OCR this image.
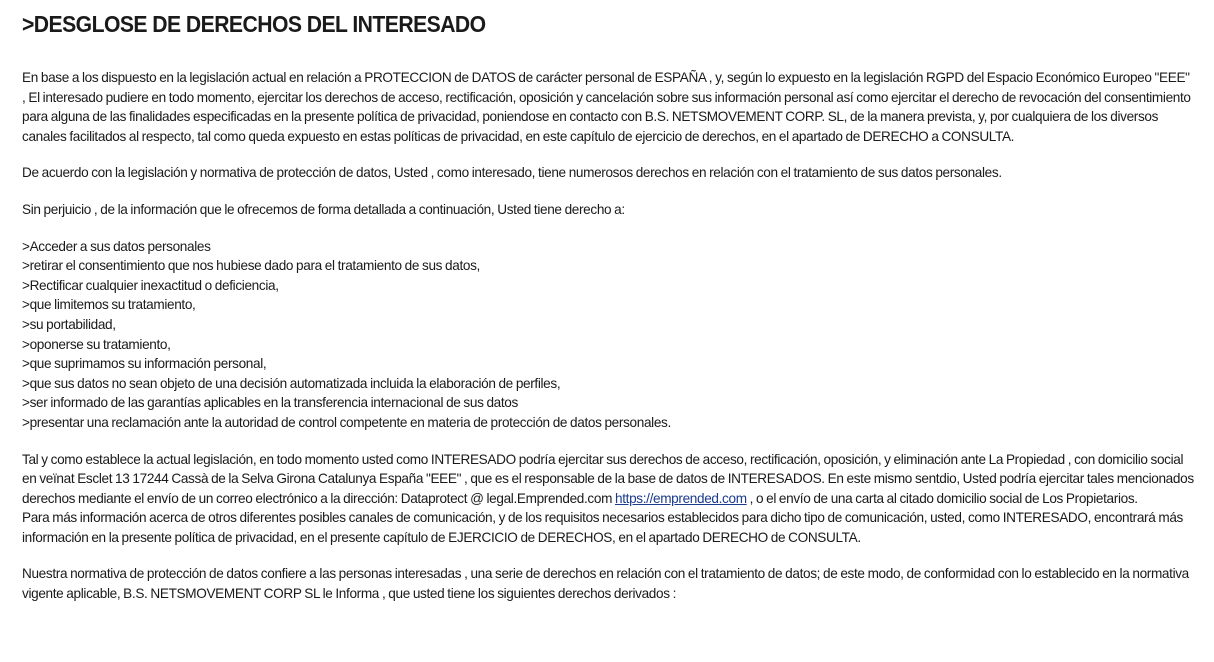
>DESGLOSE DE DERECHOS DEL INTERESADO

En base a los dispuesto en la legislación actual en relación a PROTECCION de DATOS de carácter personal de ESPAÑA , y, según lo expuesto en la legislación RGPD del Espacio Económico Europeo "EEE" , El interesado pudiere en todo momento, ejercitar los derechos de acceso, rectificación, oposición y cancelación sobre sus información personal así como ejercitar el derecho de revocación del consentimiento para alguna de las finalidades especificadas en la presente política de privacidad, poniendose en contacto con B.S. NETSMOVEMENT CORP. SL, de la manera prevista, y, por cualquiera de los diversos canales facilitados al respecto, tal como queda expuesto en estas políticas de privacidad, en este capítulo de ejercicio de derechos, en el apartado de DERECHO a CONSULTA.

De acuerdo con la legislación y normativa de protección de datos, Usted , como interesado, tiene numerosos derechos en relación con el tratamiento de sus datos personales.

Sin perjuicio , de la información que le ofrecemos de forma detallada a continuación, Usted tiene derecho a:

>Acceder a sus datos personales

>retirar el consentimiento que nos hubiese dado para el tratamiento de sus datos,

>Rectificar cualquier inexactitud o deficiencia,

>que limitemos su tratamiento,

>su portabilidad,

>oponerse su tratamiento,

>que suprimamos su información personal,

>que sus datos no sean objeto de una decisión automatizada incluida la elaboración de perfiles,

>ser informado de las garantías aplicables en la transferencia internacional de sus datos

>presentar una reclamación ante la autoridad de control competente en materia de protección de datos personales.

Tal y como establece la actual legislación, en todo momento usted como INTERESADO podría ejercitar sus derechos de acceso, rectificación, oposición, y eliminación ante La Propiedad , con domicilio social en veïnat Esclet 13 17244 Cassà de la Selva Girona Catalunya España "EEE" , que es el responsable de la base de datos de INTERESADOS. En este mismo sentdio, Usted podría ejercitar tales mencionados derechos mediante el envío de un correo electrónico a la dirección: Dataprotect @ legal.Emprended.com https://emprended.com , o el envío de una carta al citado domicilio social de Los Propietarios.

Para más información acerca de otros diferentes posibles canales de comunicación, y de los requisitos necesarios establecidos para dicho tipo de comunicación, usted, como INTERESADO, encontrará más información en la presente política de privacidad, en el presente capítulo de EJERCICIO de DERECHOS, en el apartado DERECHO de CONSULTA.

Nuestra normativa de protección de datos confiere a las personas interesadas , una serie de derechos en relación con el tratamiento de datos; de este modo, de conformidad con lo establecido en la normativa vigente aplicable, B.S. NETSMOVEMENT CORP SL le Informa , que usted tiene los siguientes derechos derivados :
